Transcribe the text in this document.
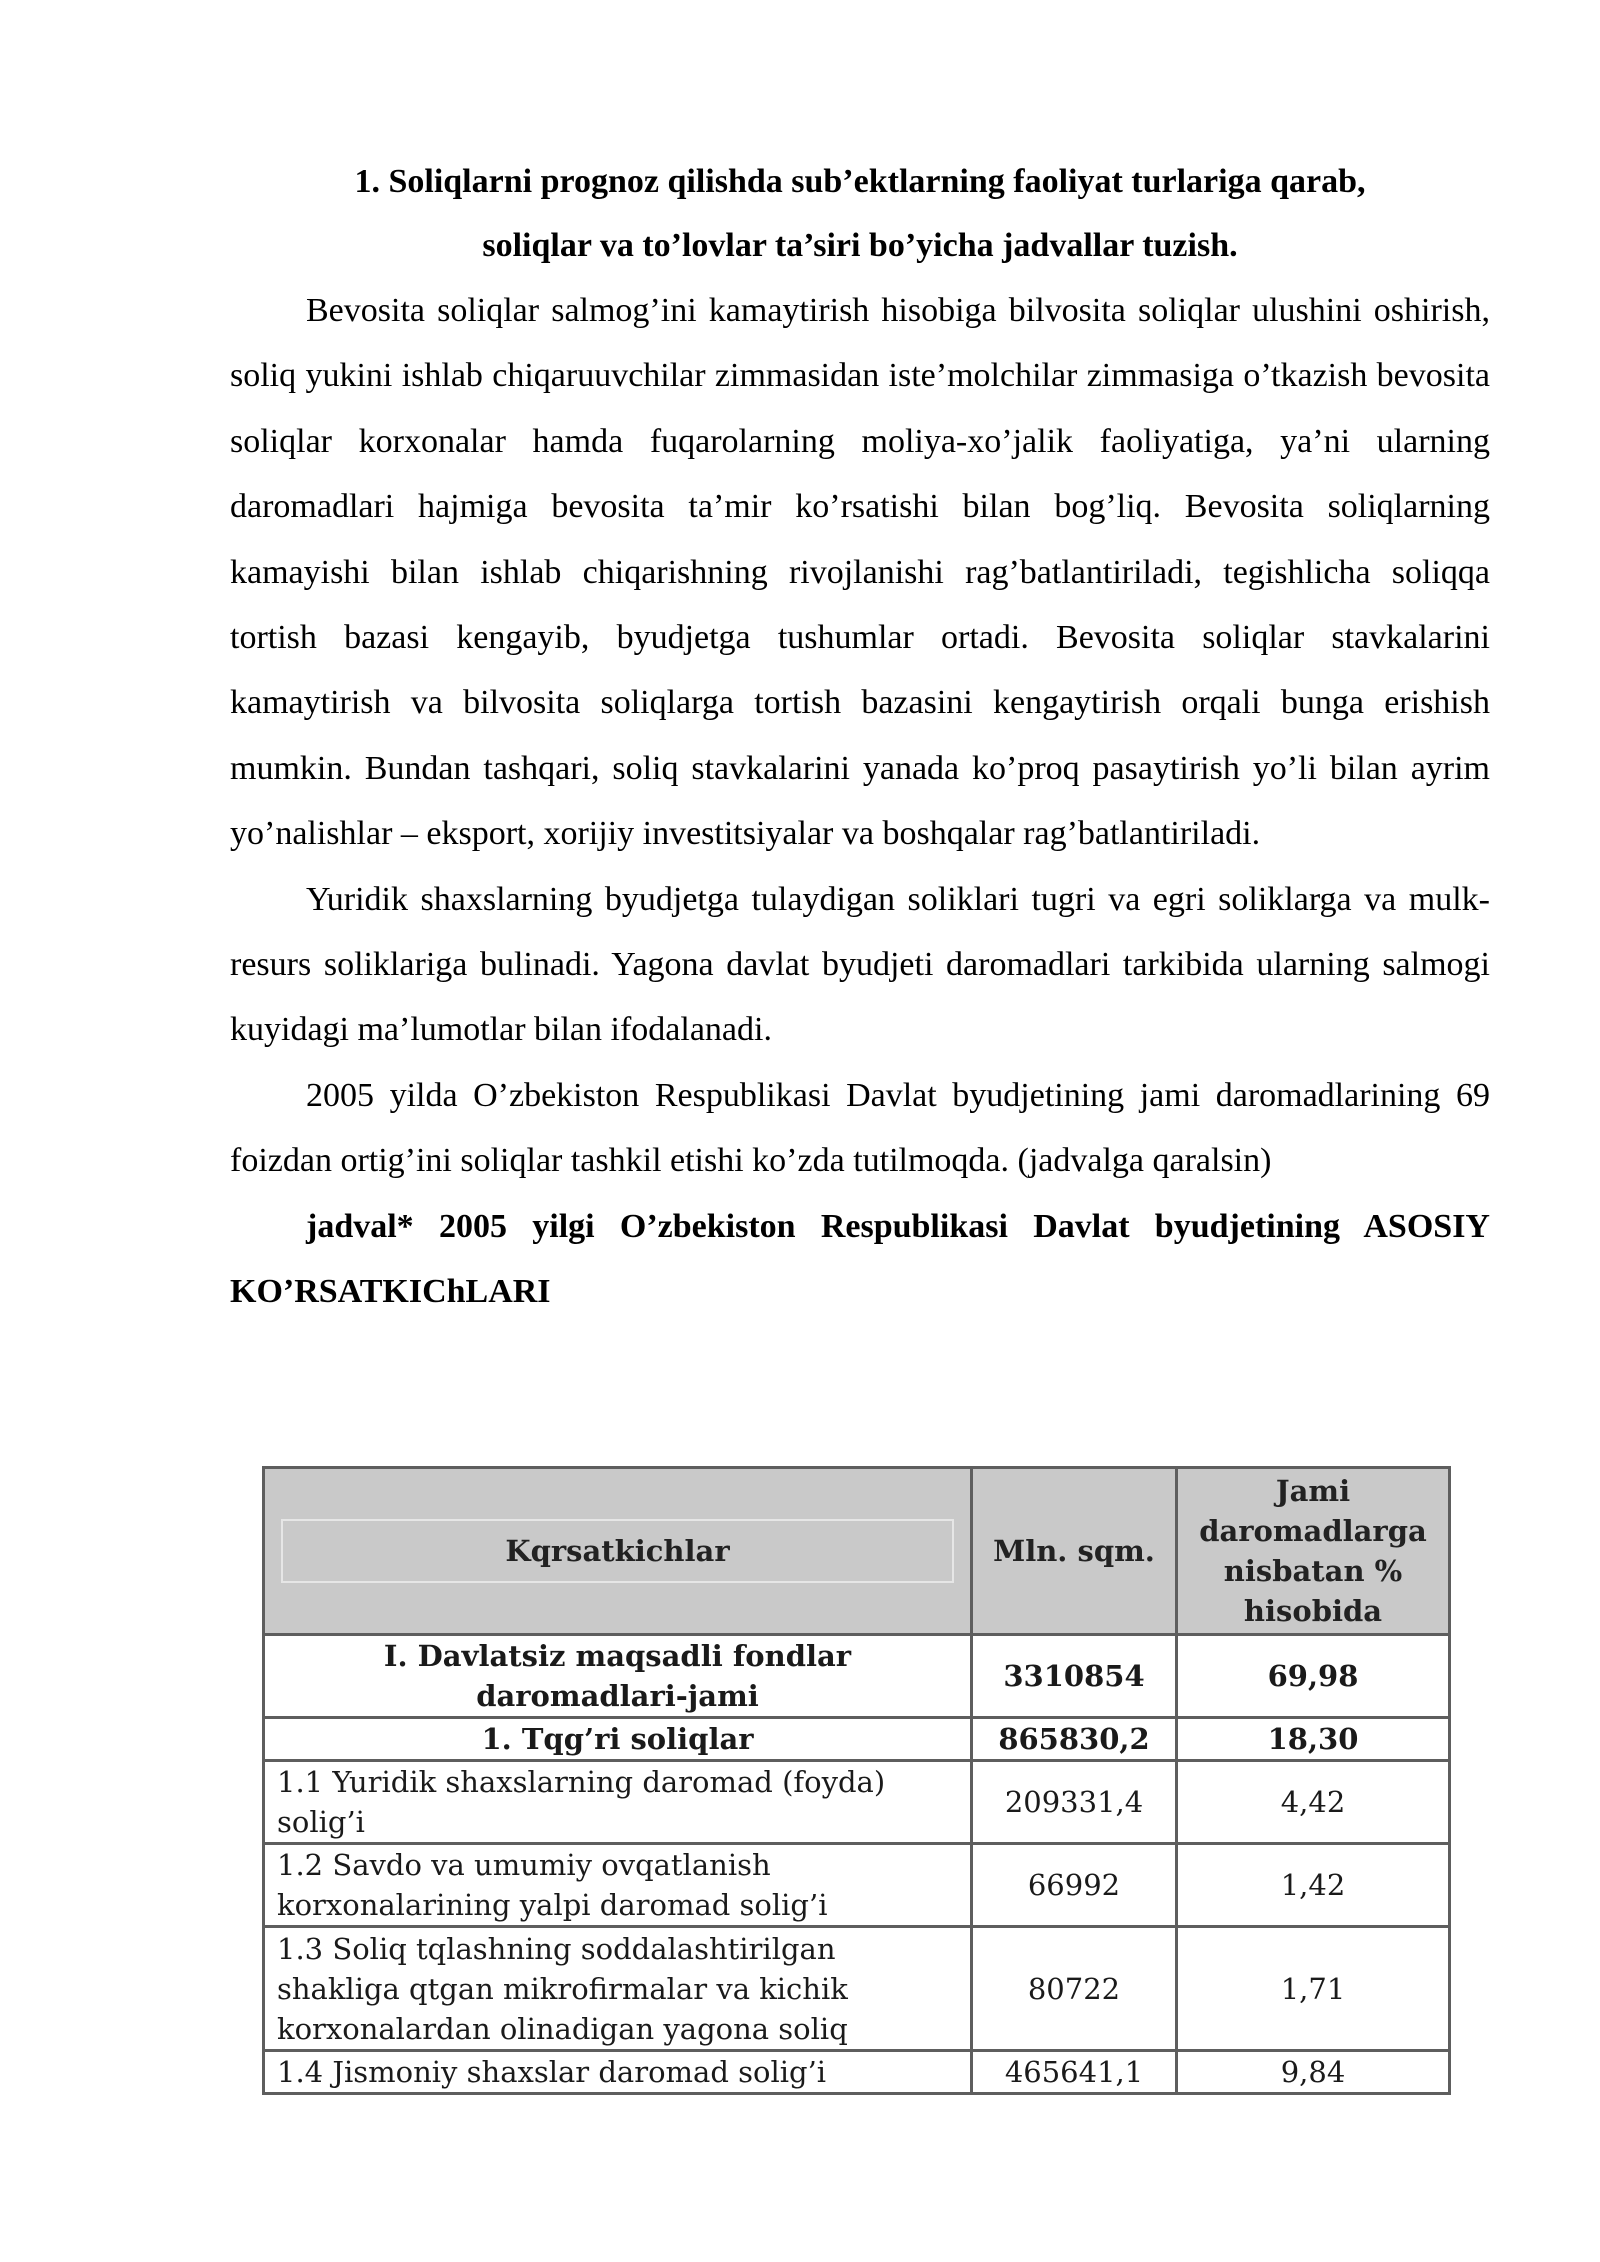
1. Soliqlarni prognoz qilishda sub’ektlarning faoliyat turlariga qarab,
soliqlar va to’lovlar ta’siri bo’yicha jadvallar tuzish.

Bevosita soliqlar salmog’ini kamaytirish hisobiga bilvosita soliqlar ulushini oshirish, soliq yukini ishlab chiqaruuvchilar zimmasidan iste’molchilar zimmasiga o’tkazish bevosita soliqlar korxonalar hamda fuqarolarning moliya-xo’jalik faoliyatiga, ya’ni ularning daromadlari hajmiga bevosita ta’mir ko’rsatishi bilan bog’liq. Bevosita soliqlarning kamayishi bilan ishlab chiqarishning rivojlanishi rag’batlantiriladi, tegishlicha soliqqa tortish bazasi kengayib, byudjetga tushumlar ortadi. Bevosita soliqlar stavkalarini kamaytirish va bilvosita soliqlarga tortish bazasini kengaytirish orqali bunga erishish mumkin. Bundan tashqari, soliq stavkalarini yanada ko’proq pasaytirish yo’li bilan ayrim yo’nalishlar – eksport, xorijiy investitsiyalar va boshqalar rag’batlantiriladi.

Yuridik shaxslarning byudjetga tulaydigan soliklari tugri va egri soliklarga va mulk-resurs soliklariga bulinadi. Yagona davlat byudjeti daromadlari tarkibida ularning salmogi kuyidagi ma’lumotlar bilan ifodalanadi.

2005 yilda O’zbekiston Respublikasi Davlat byudjetining jami daromadlarining 69 foizdan ortig’ini soliqlar tashkil etishi ko’zda tutilmoqda. (jadvalga qaralsin)

jadval* 2005 yilgi O’zbekiston Respublikasi Davlat byudjetining ASOSIY KO’RSATKIChLARI

Kqrsatkichlar	Mln. sqm.	Jami daromadlarga nisbatan % hisobida

I. Davlatsiz maqsadli fondlar daromadlari-jami	3310854	69,98
1. Tqg’ri soliqlar	865830,2	18,30
1.1 Yuridik shaxslarning daromad (foyda) solig’i	209331,4	4,42
1.2 Savdo va umumiy ovqatlanish korxonalarining yalpi daromad solig’i	66992	1,42
1.3 Soliq tqlashning soddalashtirilgan shakliga qtgan mikrofirmalar va kichik korxonalardan olinadigan yagona soliq	80722	1,71
1.4 Jismoniy shaxslar daromad solig’i	465641,1	9,84
